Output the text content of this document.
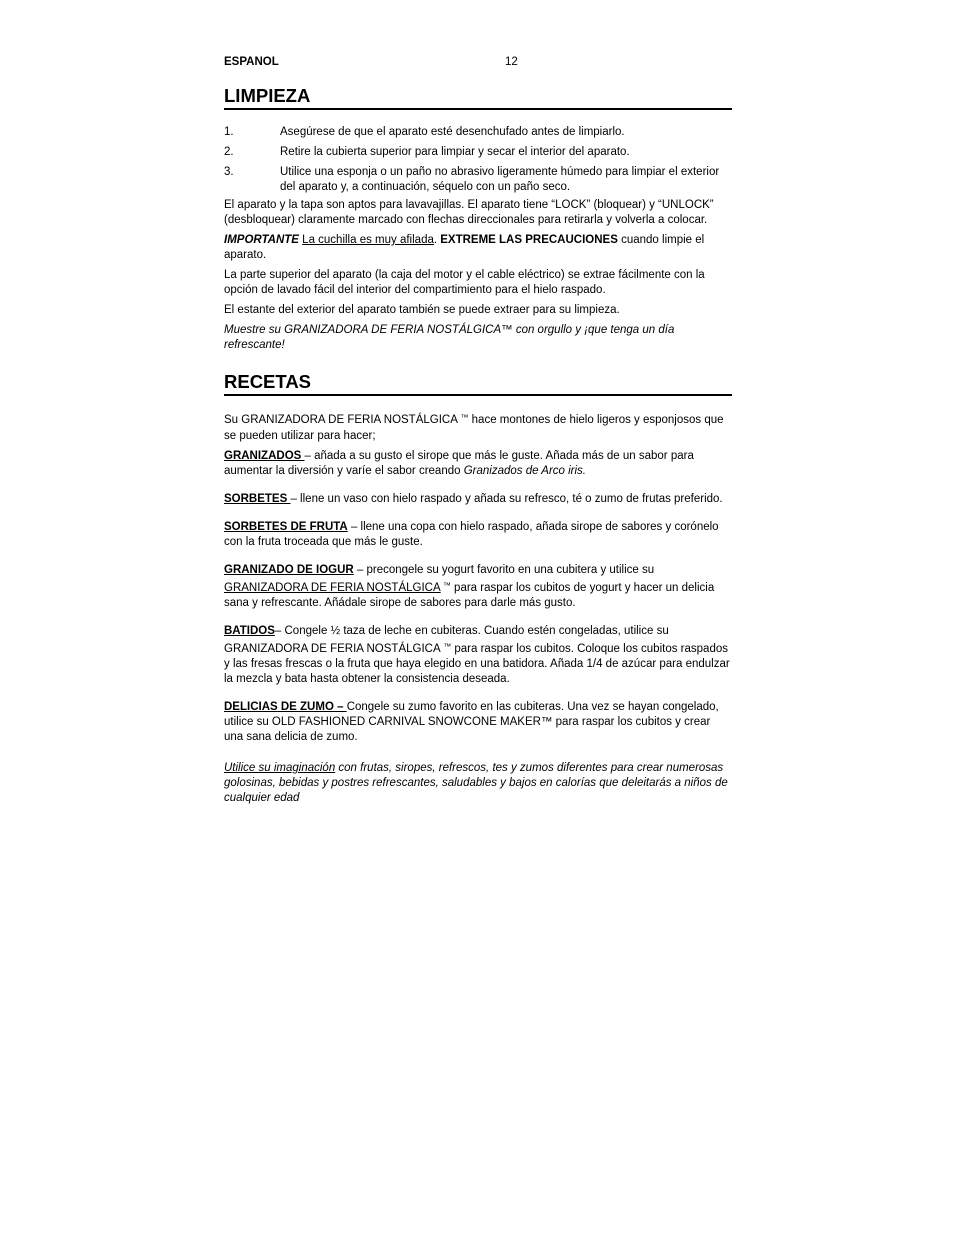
ESPANOL	12
LIMPIEZA
1.	Asegúrese de que el aparato esté desenchufado antes de limpiarlo.
2.	Retire la cubierta superior para limpiar y secar el interior del aparato.
3.	Utilice una esponja o un paño no abrasivo ligeramente húmedo para limpiar el exterior del aparato y, a continuación, séquelo con un paño seco.

El aparato y la tapa son aptos para lavavajillas. El aparato tiene “LOCK” (bloquear) y “UNLOCK” (desbloquear) claramente marcado con flechas direccionales para retirarla y volverla a colocar.

IMPORTANTE La cuchilla es muy afilada. EXTREME LAS PRECAUCIONES cuando limpie el aparato.

La parte superior del aparato (la caja del motor y el cable eléctrico) se extrae fácilmente con la opción de lavado fácil del interior del compartimiento para el hielo raspado.

El estante del exterior del aparato también se puede extraer para su limpieza.

Muestre su GRANIZADORA DE FERIA NOSTÁLGICA™ con orgullo y ¡que tenga un día refrescante!

RECETAS

Su GRANIZADORA DE FERIA NOSTÁLGICA ™ hace montones de hielo ligeros y esponjosos que se pueden utilizar para hacer;

GRANIZADOS – añada a su gusto el sirope que más le guste. Añada más de un sabor para aumentar la diversión y varíe el sabor creando Granizados de Arco iris.

SORBETES – llene un vaso con hielo raspado y añada su refresco, té o zumo de frutas preferido.

SORBETES DE FRUTA – llene una copa con hielo raspado, añada sirope de sabores y corónelo con la fruta troceada que más le guste.

GRANIZADO DE IOGUR – precongele su yogurt favorito en una cubitera y utilice su GRANIZADORA DE FERIA NOSTÁLGICA ™ para raspar los cubitos de yogurt y hacer un delicia sana y refrescante. Añádale sirope de sabores para darle más gusto.

BATIDOS– Congele ½ taza de leche en cubiteras. Cuando estén congeladas, utilice su GRANIZADORA DE FERIA NOSTÁLGICA ™ para raspar los cubitos. Coloque los cubitos raspados y las fresas frescas o la fruta que haya elegido en una batidora. Añada 1/4 de azúcar para endulzar la mezcla y bata hasta obtener la consistencia deseada.

DELICIAS DE ZUMO – Congele su zumo favorito en las cubiteras. Una vez se hayan congelado, utilice su OLD FASHIONED CARNIVAL SNOWCONE MAKER™ para raspar los cubitos y crear una sana delicia de zumo.

Utilice su imaginación con frutas, siropes, refrescos, tes y zumos diferentes para crear numerosas golosinas, bebidas y postres refrescantes, saludables y bajos en calorías que deleitarás a niños de cualquier edad
